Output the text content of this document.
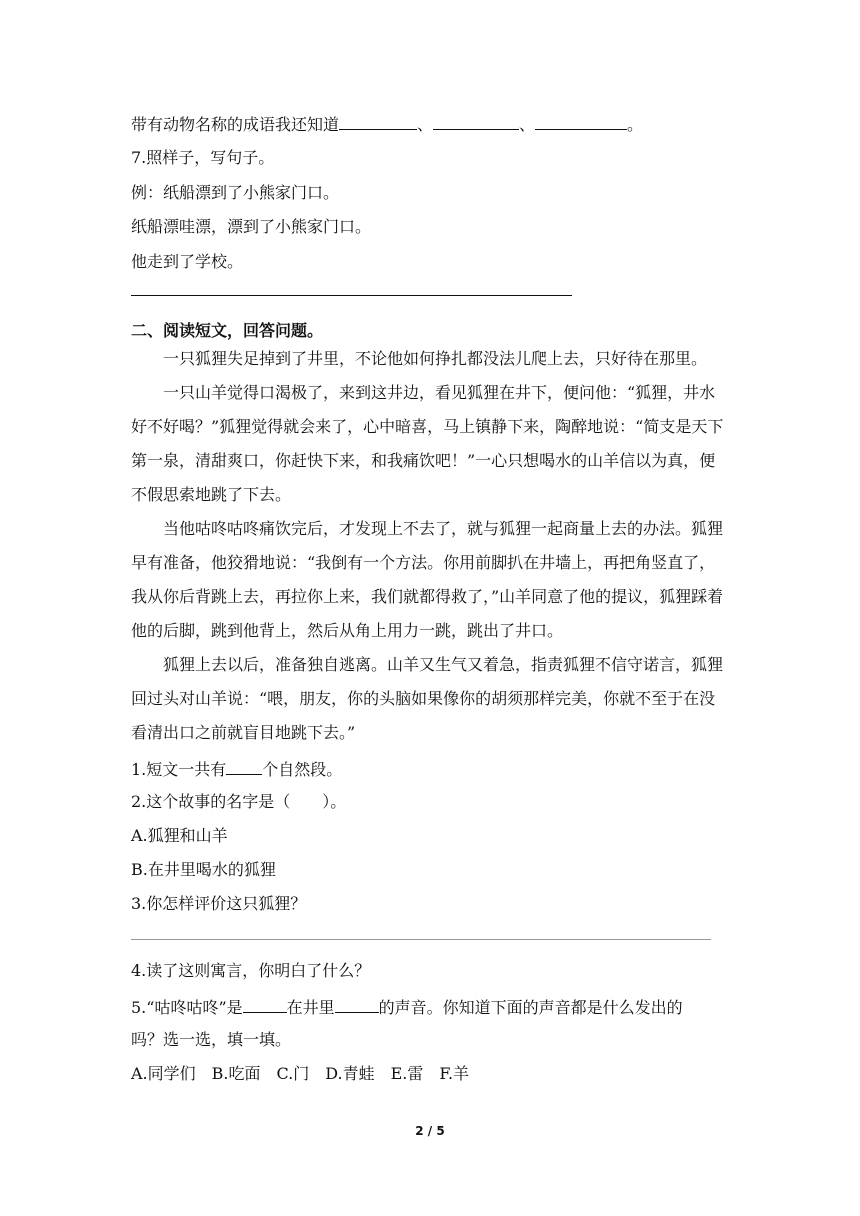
带有动物名称的成语我还知道	、	、	。
7.照样子，写句子。
例：纸船漂到了小熊家门口。
纸船漂哇漂，漂到了小熊家门口。
他走到了学校。
二、阅读短文，回答问题。
一只狐狸失足掉到了井里，不论他如何挣扎都没法儿爬上去，只好待在那里。
一只山羊觉得口渴极了，来到这井边，看见狐狸在井下，便问他：“狐狸，井水好不好喝？”狐狸觉得就会来了，心中暗喜，马上镇静下来，陶醉地说：“简支是天下第一泉，清甜爽口，你赶快下来，和我痛饮吧！”一心只想喝水的山羊信以为真，便不假思索地跳了下去。
当他咕咚咕咚痛饮完后，才发现上不去了，就与狐狸一起商量上去的办法。狐狸早有准备，他狡猾地说：“我倒有一个方法。你用前脚扒在井墙上，再把角竖直了，我从你后背跳上去，再拉你上来，我们就都得救了，”山羊同意了他的提议，狐狸踩着他的后脚，跳到他背上，然后从角上用力一跳，跳出了井口。
狐狸上去以后，准备独自逃离。山羊又生气又着急，指责狐狸不信守诺言，狐狸回过头对山羊说：“喂，朋友，你的头脑如果像你的胡须那样完美，你就不至于在没看清出口之前就盲目地跳下去。”
1.短文一共有 个自然段。
2.这个故事的名字是（　　）。
A.狐狸和山羊
B.在井里喝水的狐狸
3.你怎样评价这只狐狸？
4.读了这则寓言，你明白了什么？
5.“咕咚咕咚”是	在井里	的声音。你知道下面的声音都是什么发出的
吗？选一选，填一填。
A.同学们　B.吃面　C.门　D.青蛙　E.雷　F.羊
2 / 5
